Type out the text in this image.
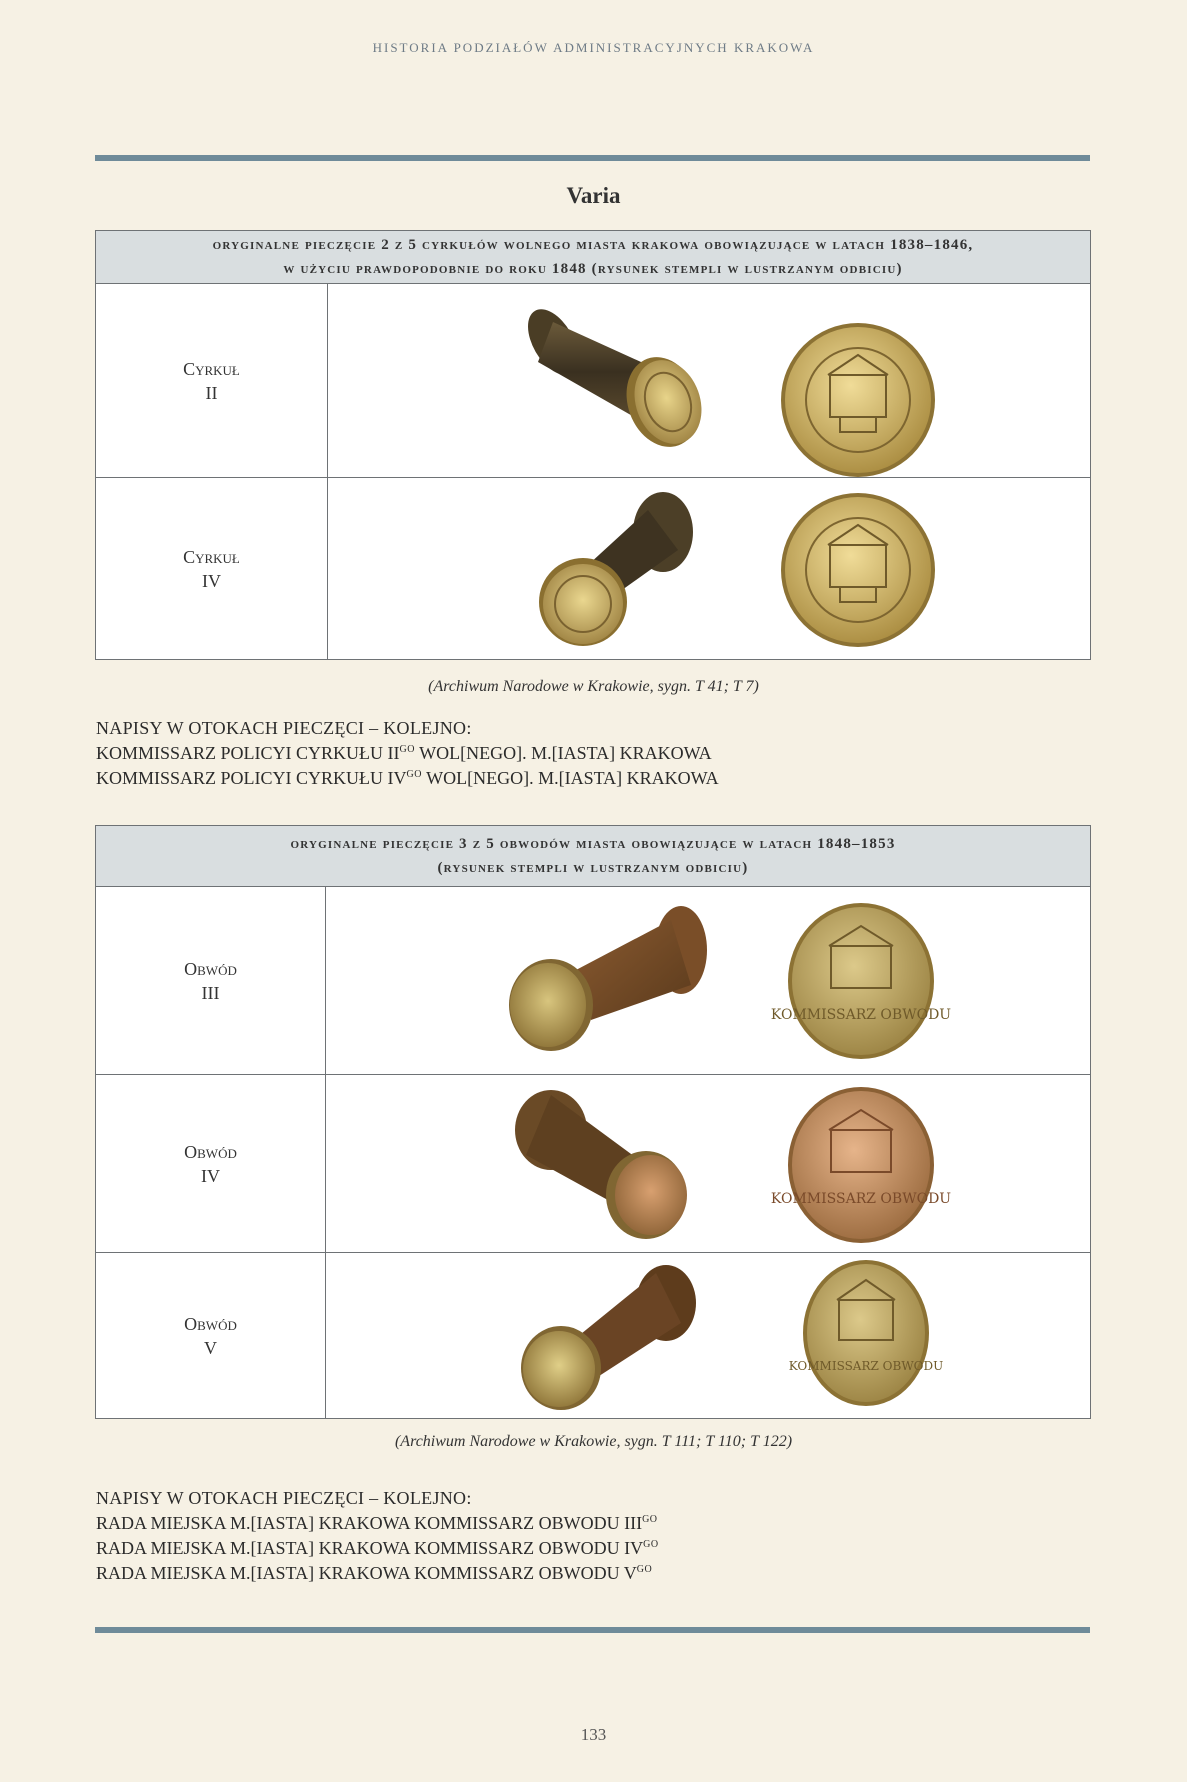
HISTORIA PODZIAŁÓW ADMINISTRACYJNYCH KRAKOWA
Varia
oryginalne pieczęcie 2 z 5 cyrkułów wolnego miasta krakowa obowiązujące w latach 1838–1846,
w użyciu prawdopodobnie do roku 1848 (rysunek stempli w lustrzanym odbiciu)	

Cyrkuł
II

Cyrkuł
IV

(Archiwum Narodowe w Krakowie, sygn. T 41; T 7)
NAPISY W OTOKACH PIECZĘCI – KOLEJNO:
KOMMISSARZ POLICYI CYRKUŁU $II^{GO}$ WOL[NEGO]. M.[IASTA] KRAKOWA
KOMMISSARZ POLICYI CYRKUŁU $IV^{GO}$ WOL[NEGO]. M.[IASTA] KRAKOWA
oryginalne pieczęcie 3 z 5 obwodów miasta obowiązujące w latach 1848–1853
(rysunek stempli w lustrzanym odbiciu)	

Obwód
III	KOMMISSARZ OBWODU

Obwód
IV	KOMMISSARZ OBWODU

Obwód
V	KOMMISSARZ OBWODU
(Archiwum Narodowe w Krakowie, sygn. T 111; T 110; T 122)
NAPISY W OTOKACH PIECZĘCI – KOLEJNO:
RADA MIEJSKA M.[IASTA] KRAKOWA KOMMISSARZ OBWODU $III^{GO}$
RADA MIEJSKA M.[IASTA] KRAKOWA KOMMISSARZ OBWODU $IV^{GO}$
RADA MIEJSKA M.[IASTA] KRAKOWA KOMMISSARZ OBWODU $V^{GO}$
133
